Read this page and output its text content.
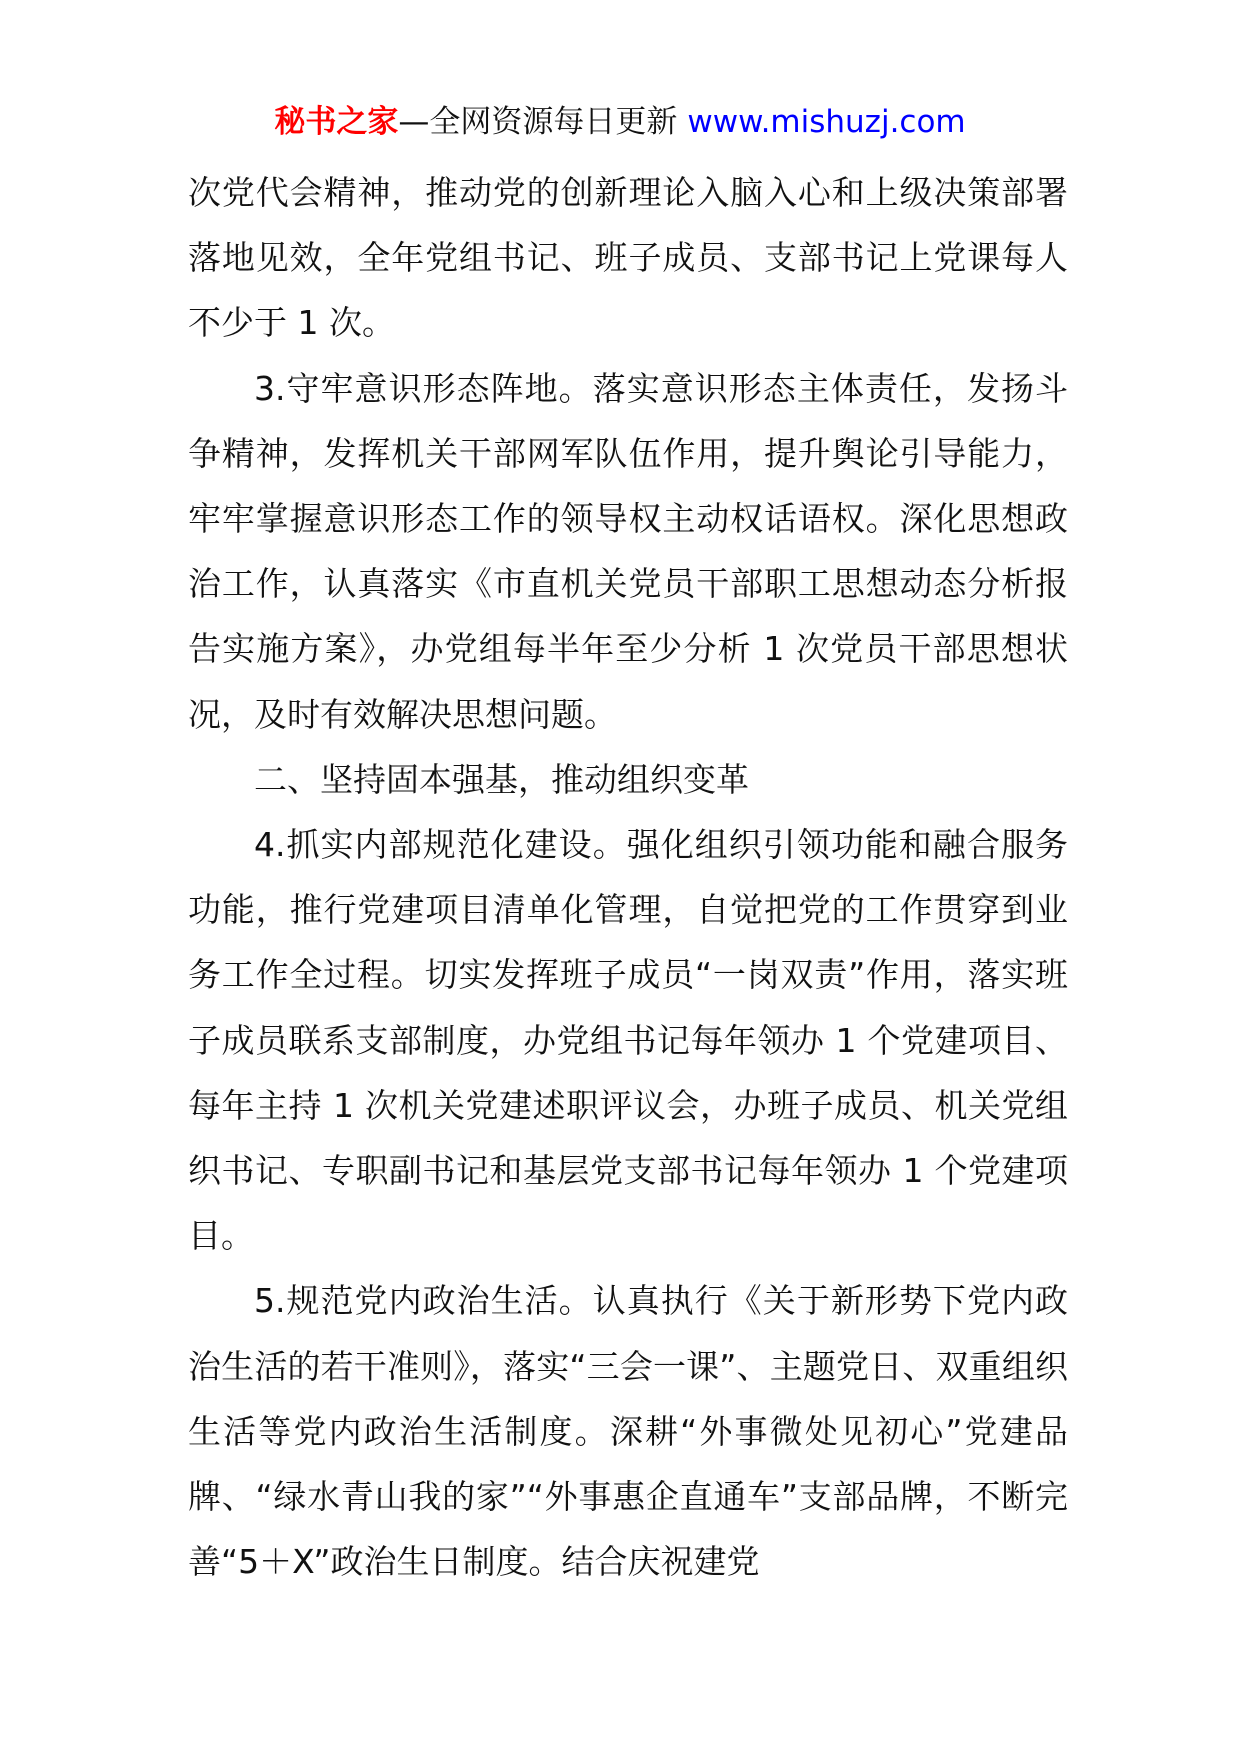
秘书之家—全网资源每日更新 www.mishuzj.com

次党代会精神，推动党的创新理论入脑入心和上级决策部署落地见效，全年党组书记、班子成员、支部书记上党课每人不少于 1 次。

3.守牢意识形态阵地。落实意识形态主体责任，发扬斗争精神，发挥机关干部网军队伍作用，提升舆论引导能力，牢牢掌握意识形态工作的领导权主动权话语权。深化思想政治工作，认真落实《市直机关党员干部职工思想动态分析报告实施方案》，办党组每半年至少分析 1 次党员干部思想状况，及时有效解决思想问题。

二、坚持固本强基，推动组织变革

4.抓实内部规范化建设。强化组织引领功能和融合服务功能，推行党建项目清单化管理，自觉把党的工作贯穿到业务工作全过程。切实发挥班子成员“一岗双责”作用，落实班子成员联系支部制度，办党组书记每年领办 1 个党建项目、每年主持 1 次机关党建述职评议会，办班子成员、机关党组织书记、专职副书记和基层党支部书记每年领办 1 个党建项目。

5.规范党内政治生活。认真执行《关于新形势下党内政治生活的若干准则》，落实“三会一课”、主题党日、双重组织生活等党内政治生活制度。深耕“外事微处见初心”党建品牌、“绿水青山我的家”“外事惠企直通车”支部品牌，不断完善“5＋X”政治生日制度。结合庆祝建党
